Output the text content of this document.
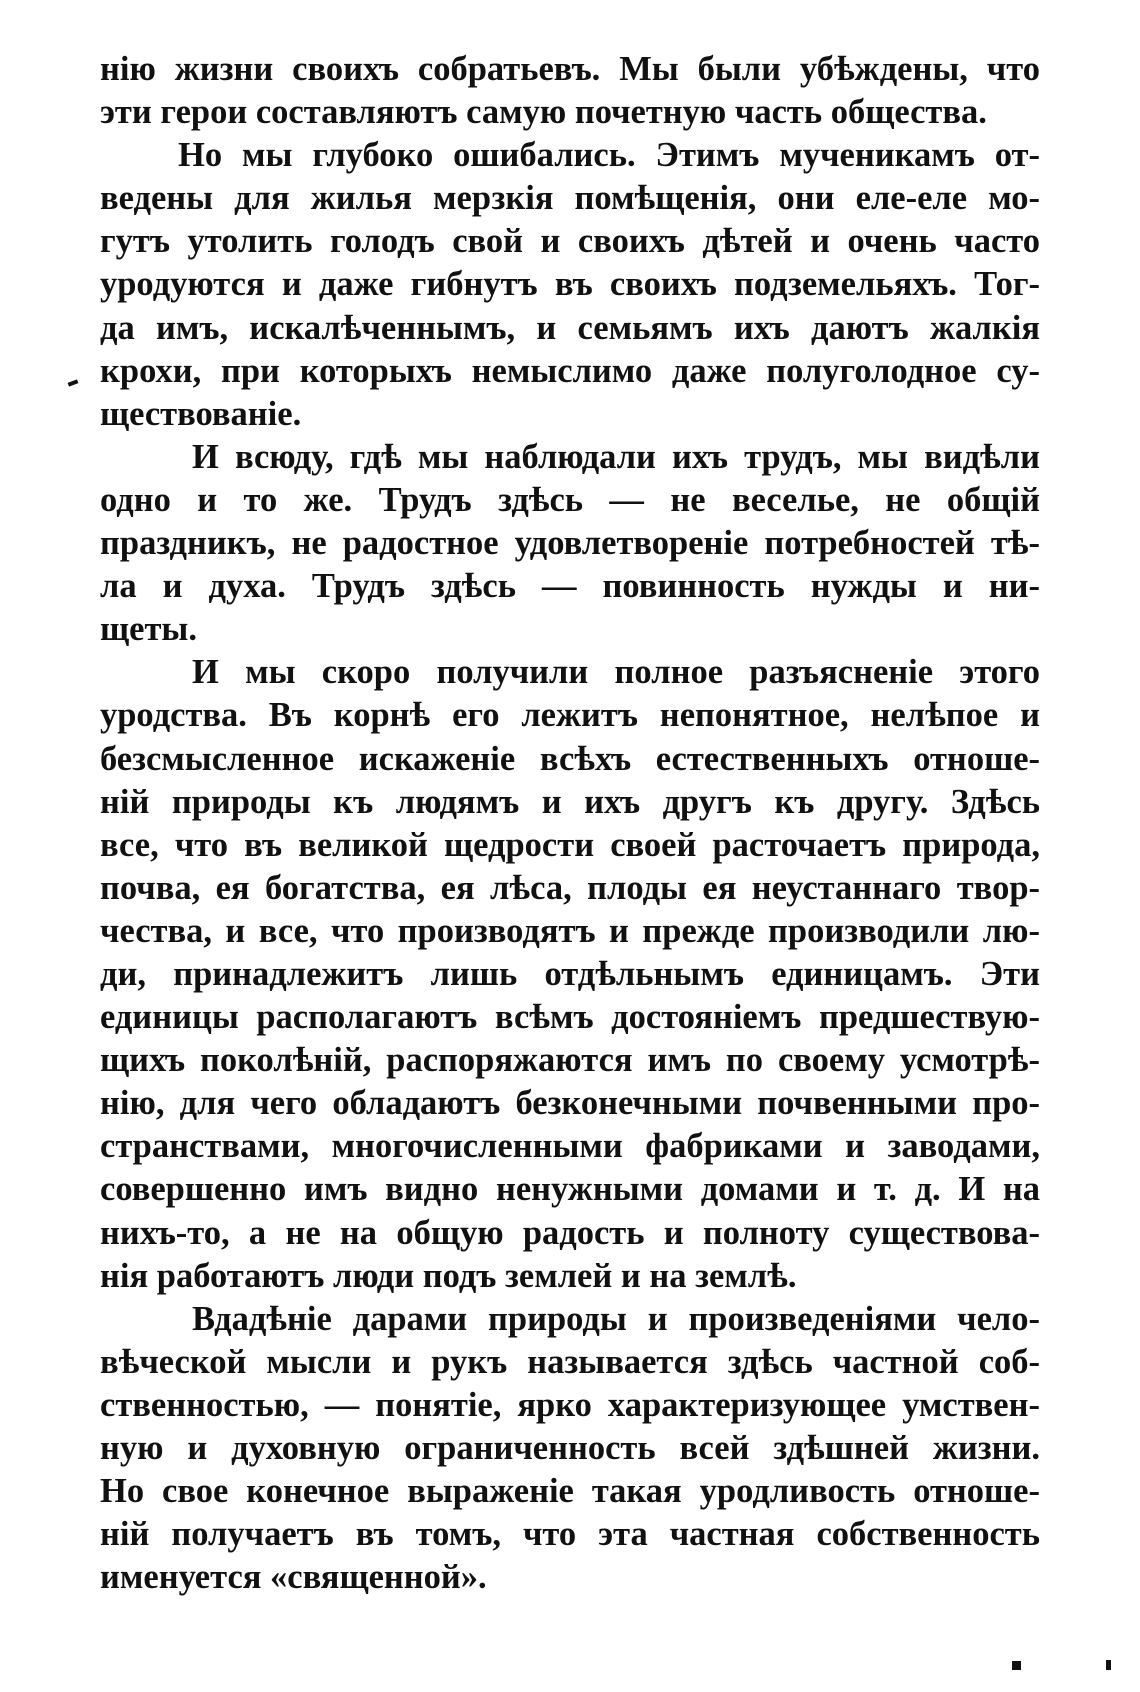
нію жизни своихъ собратьевъ. Мы были убѣждены, что
эти герои составляютъ самую почетную часть общества.
Но мы глубоко ошибались. Этимъ мученикамъ от-
ведены для жилья мерзкія помѣщенія, они еле-еле мо-
гутъ утолить голодъ свой и своихъ дѣтей и очень часто
уродуются и даже гибнутъ въ своихъ подземельяхъ. Тог-
да имъ, искалѣченнымъ, и семьямъ ихъ даютъ жалкія
крохи, при которыхъ немыслимо даже полуголодное су-
ществованіе.
И всюду, гдѣ мы наблюдали ихъ трудъ, мы видѣли
одно и то же. Трудъ здѣсь — не веселье, не общій
праздникъ, не радостное удовлетвореніе потребностей тѣ-
ла и духа. Трудъ здѣсь — повинность нужды и ни-
щеты.
И мы скоро получили полное разъясненіе этого
уродства. Въ корнѣ его лежитъ непонятное, нелѣпое и
безсмысленное искаженіе всѣхъ естественныхъ отноше-
ній природы къ людямъ и ихъ другъ къ другу. Здѣсь
все, что въ великой щедрости своей расточаетъ природа,
почва, ея богатства, ея лѣса, плоды ея неустаннаго твор-
чества, и все, что производятъ и прежде производили лю-
ди, принадлежитъ лишь отдѣльнымъ единицамъ. Эти
единицы располагаютъ всѣмъ достояніемъ предшествую-
щихъ поколѣній, распоряжаются имъ по своему усмотрѣ-
нію, для чего обладаютъ безконечными почвенными про-
странствами, многочисленными фабриками и заводами,
совершенно имъ видно ненужными домами и т. д. И на
нихъ-то, а не на общую радость и полноту существова-
нія работаютъ люди подъ землей и на землѣ.
Вдадѣніе дарами природы и произведеніями чело-
вѣческой мысли и рукъ называется здѣсь частной соб-
ственностью, — понятіе, ярко характеризующее умствен-
ную и духовную ограниченность всей здѣшней жизни.
Но свое конечное выраженіе такая уродливость отноше-
ній получаетъ въ томъ, что эта частная собственность
именуется «священной».
